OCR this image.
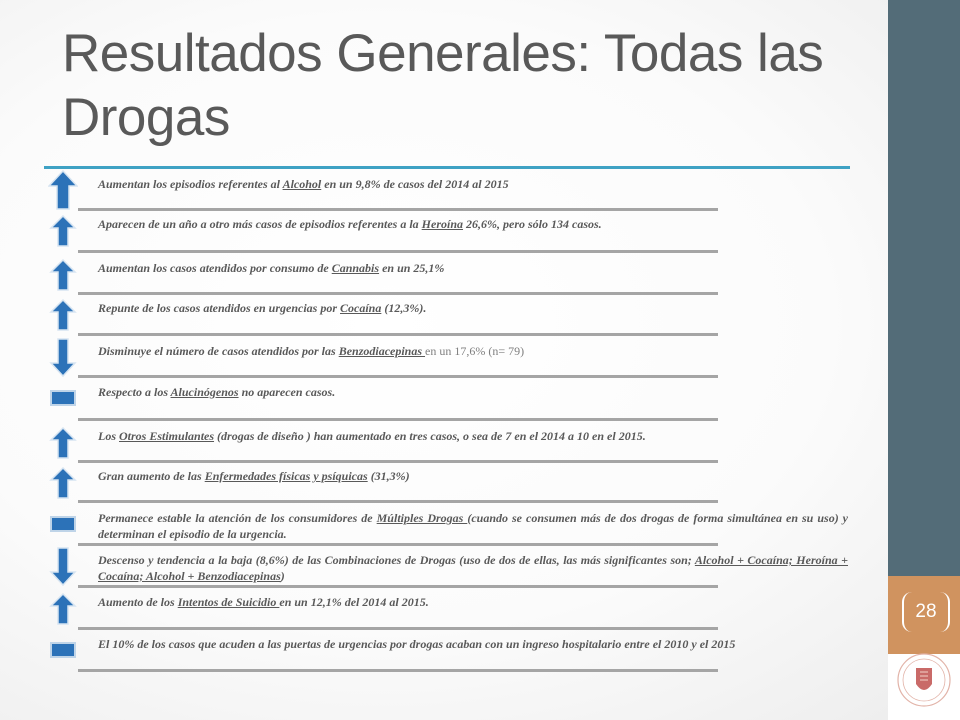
28
Resultados Generales: Todas las Drogas
Aumentan los episodios referentes al Alcohol en un 9,8% de casos del 2014 al 2015
Aparecen de un año a otro más casos de episodios referentes a la Heroína 26,6%, pero sólo 134 casos.
Aumentan los casos atendidos por consumo de Cannabis en un 25,1%
Repunte de los casos atendidos en urgencias por Cocaína (12,3%).
Disminuye el número de casos atendidos por las Benzodiacepinas en un 17,6% (n= 79)
Respecto a los Alucinógenos no aparecen casos.
Los Otros Estimulantes (drogas de diseño ) han aumentado en tres casos, o sea de 7 en el 2014 a 10 en el 2015.
Gran aumento de las Enfermedades físicas y psíquicas (31,3%)
Permanece estable la atención de los consumidores de Múltiples Drogas (cuando se consumen más de dos drogas de forma simultánea en su uso) y determinan el episodio de la urgencia.
Descenso y tendencia a la baja (8,6%) de las Combinaciones de Drogas (uso de dos de ellas, las más significantes son; Alcohol + Cocaína; Heroína + Cocaína; Alcohol + Benzodiacepinas)
Aumento de los Intentos de Suicidio en un 12,1% del 2014 al 2015.
El 10% de los casos que acuden a las puertas de urgencias por drogas acaban con un ingreso hospitalario entre el 2010 y el 2015
